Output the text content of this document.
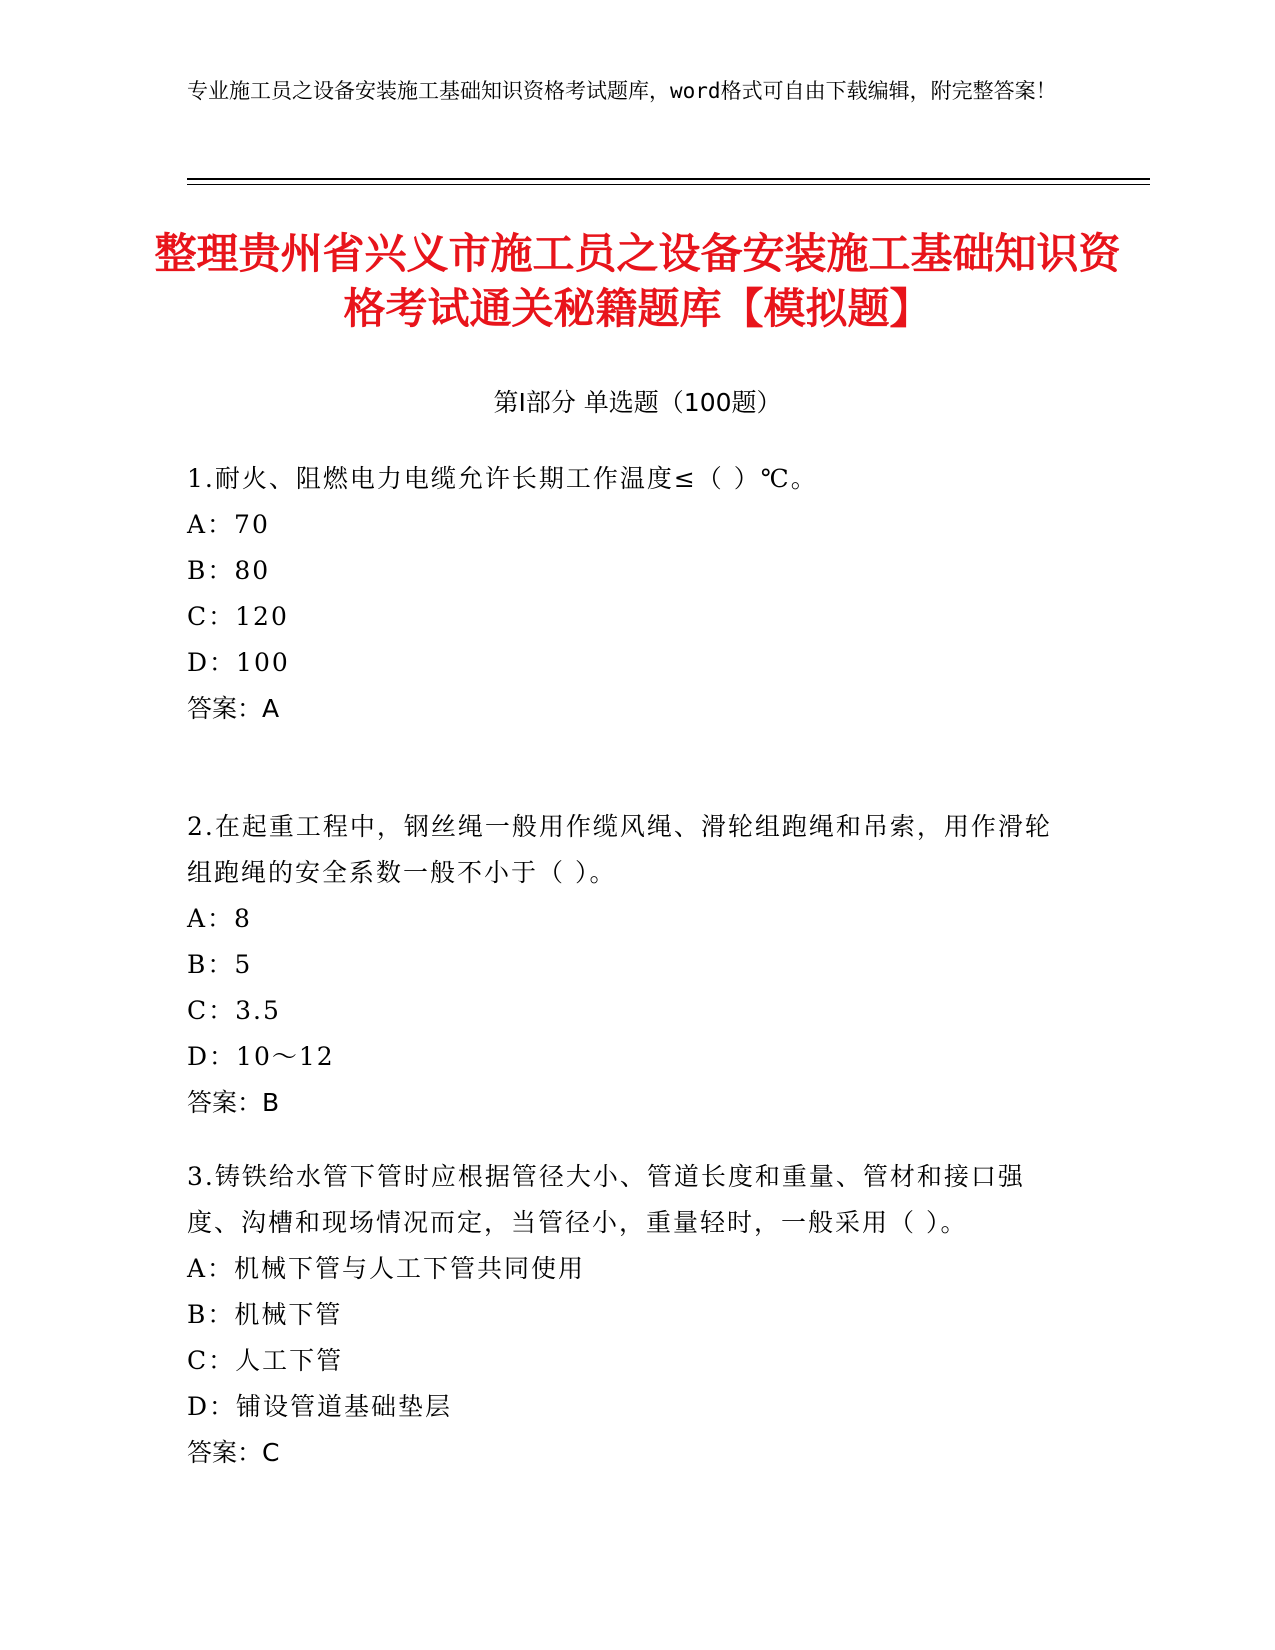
专业施工员之设备安装施工基础知识资格考试题库，word格式可自由下载编辑，附完整答案！
整理贵州省兴义市施工员之设备安装施工基础知识资格考试通关秘籍题库【模拟题】
第Ⅰ部分 单选题（100题）
1.耐火、阻燃电力电缆允许长期工作温度≤（ ）℃。
A：70
B：80
C：120
D：100
答案：A
2.在起重工程中，钢丝绳一般用作缆风绳、滑轮组跑绳和吊索，用作滑轮组跑绳的安全系数一般不小于（ ）。
A：8
B：5
C：3.5
D：10～12
答案：B
3.铸铁给水管下管时应根据管径大小、管道长度和重量、管材和接口强度、沟槽和现场情况而定，当管径小，重量轻时，一般采用（ ）。
A：机械下管与人工下管共同使用
B：机械下管
C：人工下管
D：铺设管道基础垫层
答案：C
